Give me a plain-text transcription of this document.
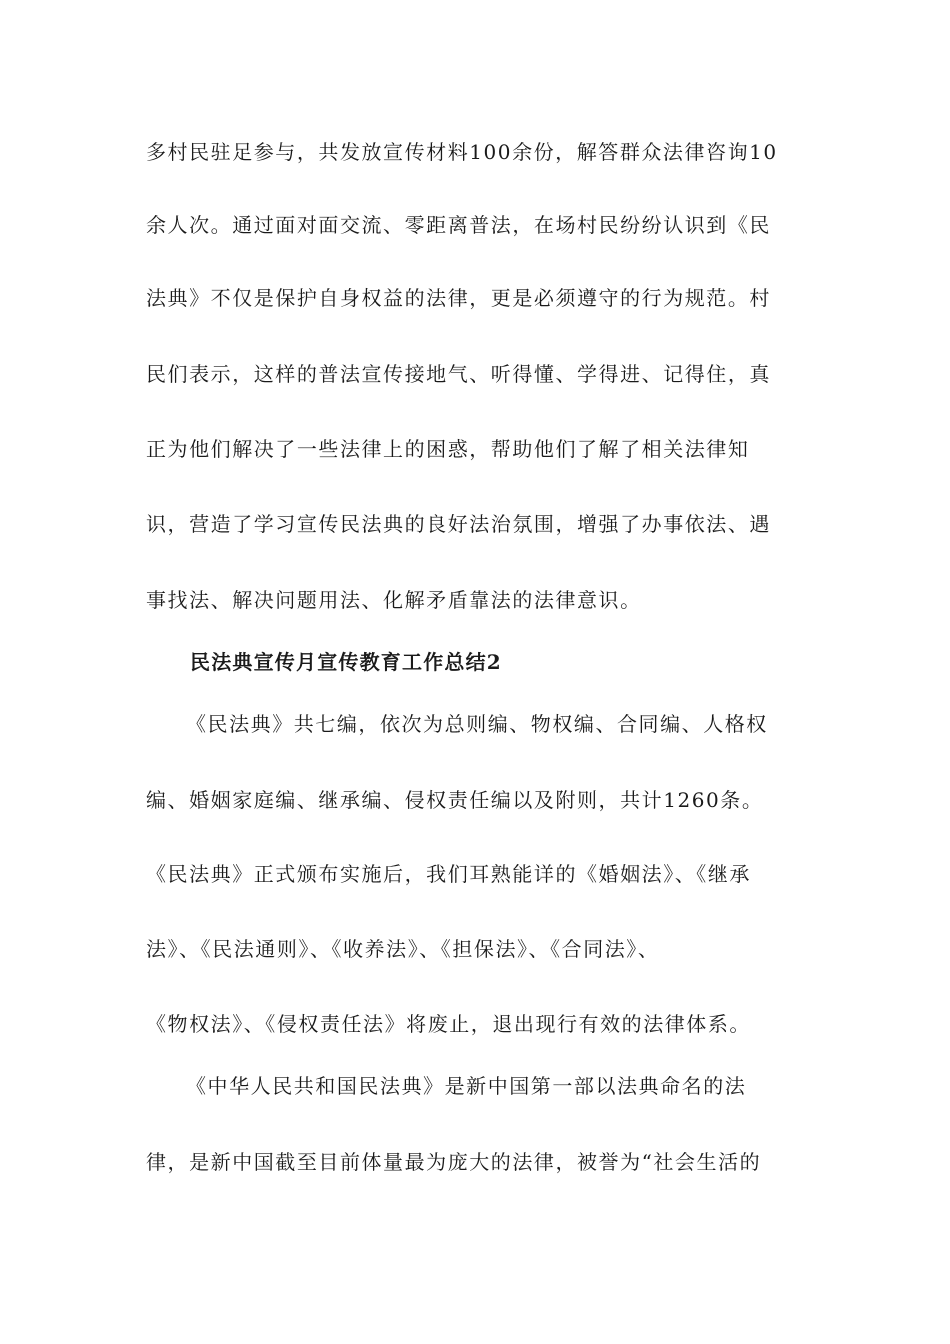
多村民驻足参与，共发放宣传材料100余份，解答群众法律咨询10
余人次。通过面对面交流、零距离普法，在场村民纷纷认识到《民
法典》不仅是保护自身权益的法律，更是必须遵守的行为规范。村
民们表示，这样的普法宣传接地气、听得懂、学得进、记得住，真
正为他们解决了一些法律上的困惑，帮助他们了解了相关法律知
识，营造了学习宣传民法典的良好法治氛围，增强了办事依法、遇
事找法、解决问题用法、化解矛盾靠法的法律意识。
民法典宣传月宣传教育工作总结2
《民法典》共七编，依次为总则编、物权编、合同编、人格权
编、婚姻家庭编、继承编、侵权责任编以及附则，共计1260条。
《民法典》正式颁布实施后，我们耳熟能详的《婚姻法》、《继承
法》、《民法通则》、《收养法》、《担保法》、《合同法》、
《物权法》、《侵权责任法》将废止，退出现行有效的法律体系。
《中华人民共和国民法典》是新中国第一部以法典命名的法
律，是新中国截至目前体量最为庞大的法律，被誉为“社会生活的
